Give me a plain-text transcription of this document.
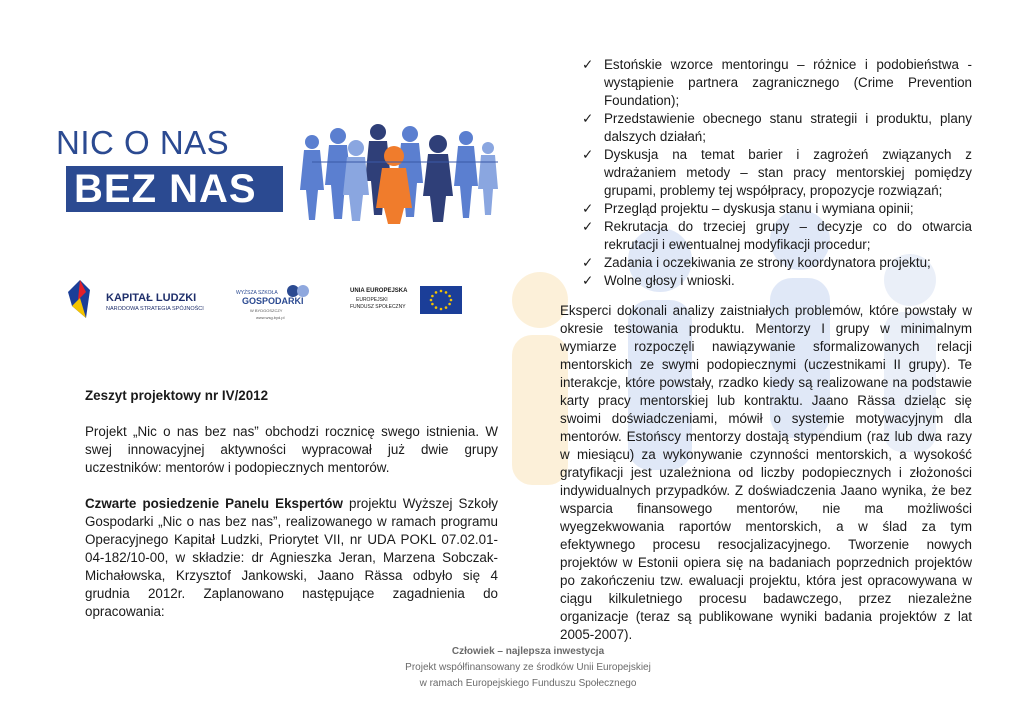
NIC O NAS
BEZ NAS
KAPITAŁ LUDZKI
NARODOWA STRATEGIA SPÓJNOŚCI
WYŻSZA SZKOŁA
GOSPODARKI
W BYDGOSZCZY
www.wsg.byd.pl
UNIA EUROPEJSKA
EUROPEJSKI
FUNDUSZ SPOŁECZNY

Zeszyt projektowy nr IV/2012

Projekt „Nic o nas bez nas” obchodzi rocznicę swego istnienia. W swej innowacyjnej aktywności wypracował już dwie grupy uczestników: mentorów i podopiecznych mentorów.

Czwarte posiedzenie Panelu Ekspertów projektu Wyższej Szkoły Gospodarki „Nic o nas bez nas”, realizowanego w ramach programu Operacyjnego Kapitał Ludzki, Priorytet VII, nr UDA POKL 07.02.01-04-182/10-00, w składzie: dr Agnieszka Jeran, Marzena Sobczak-Michałowska, Krzysztof Jankowski, Jaano Rässa odbyło się 4 grudnia 2012r. Zaplanowano następujące zagadnienia do opracowania:

✓ Estońskie wzorce mentoringu – różnice i podobieństwa - wystąpienie partnera zagranicznego (Crime Prevention Foundation);
✓ Przedstawienie obecnego stanu strategii i produktu, plany dalszych działań;
✓ Dyskusja na temat barier i zagrożeń związanych z wdrażaniem metody – stan pracy mentorskiej pomiędzy grupami, problemy tej współpracy, propozycje rozwiązań;
✓ Przegląd projektu – dyskusja stanu i wymiana opinii;
✓ Rekrutacja do trzeciej grupy – decyzje co do otwarcia rekrutacji i ewentualnej modyfikacji procedur;
✓ Zadania i oczekiwania ze strony koordynatora projektu;
✓ Wolne głosy i wnioski.

Eksperci dokonali analizy zaistniałych problemów, które powstały w okresie testowania produktu. Mentorzy I grupy w minimalnym wymiarze rozpoczęli nawiązywanie sformalizowanych relacji mentorskich ze swymi podopiecznymi (uczestnikami II grupy). Te interakcje, które powstały, rzadko kiedy są realizowane na podstawie karty pracy mentorskiej lub kontraktu. Jaano Rässa dzieląc się swoimi doświadczeniami, mówił o systemie motywacyjnym dla mentorów. Estońscy mentorzy dostają stypendium (raz lub dwa razy w miesiącu) za wykonywanie czynności mentorskich, a wysokość gratyfikacji jest uzależniona od liczby podopiecznych i złożoności indywidualnych przypadków. Z doświadczenia Jaano wynika, że bez wsparcia finansowego mentorów, nie ma możliwości wyegzekwowania raportów mentorskich, a w ślad za tym efektywnego procesu resocjalizacyjnego. Tworzenie nowych projektów w Estonii opiera się na badaniach poprzednich projektów po zakończeniu tzw. ewaluacji projektu, która jest opracowywana w ciągu kilkuletniego procesu badawczego, przez niezależne organizacje (teraz są publikowane wyniki badania projektów z lat 2005-2007).

Człowiek – najlepsza inwestycja
Projekt współfinansowany ze środków Unii Europejskiej
w ramach Europejskiego Funduszu Społecznego
